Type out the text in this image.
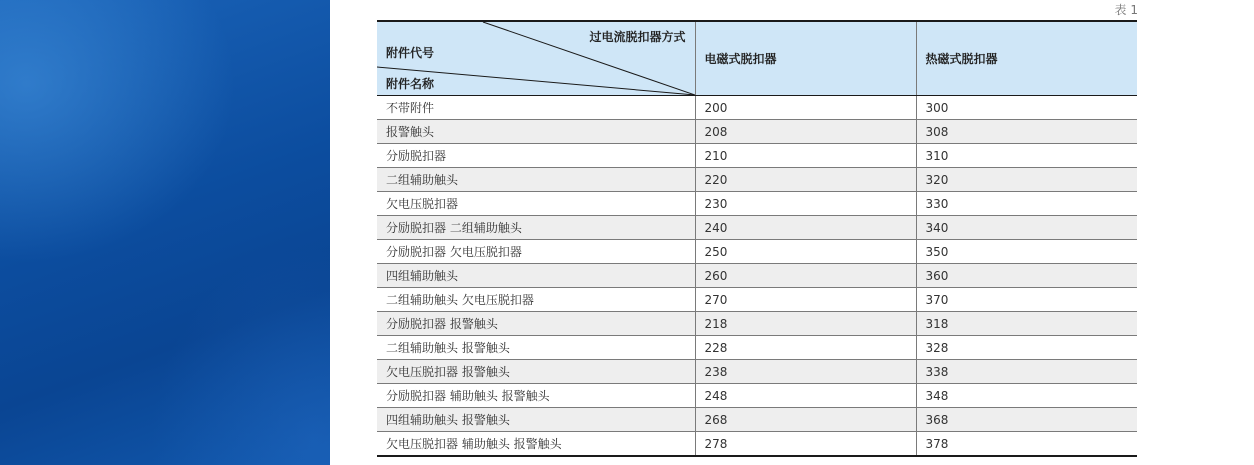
表 1
过电流脱扣器方式
附件代号
附件名称	电磁式脱扣器	热磁式脱扣器
不带附件	200	300
报警触头	208	308
分励脱扣器	210	310
二组辅助触头	220	320
欠电压脱扣器	230	330
分励脱扣器 二组辅助触头	240	340
分励脱扣器 欠电压脱扣器	250	350
四组辅助触头	260	360
二组辅助触头 欠电压脱扣器	270	370
分励脱扣器 报警触头	218	318
二组辅助触头 报警触头	228	328
欠电压脱扣器 报警触头	238	338
分励脱扣器 辅助触头 报警触头	248	348
四组辅助触头 报警触头	268	368
欠电压脱扣器 辅助触头 报警触头	278	378
